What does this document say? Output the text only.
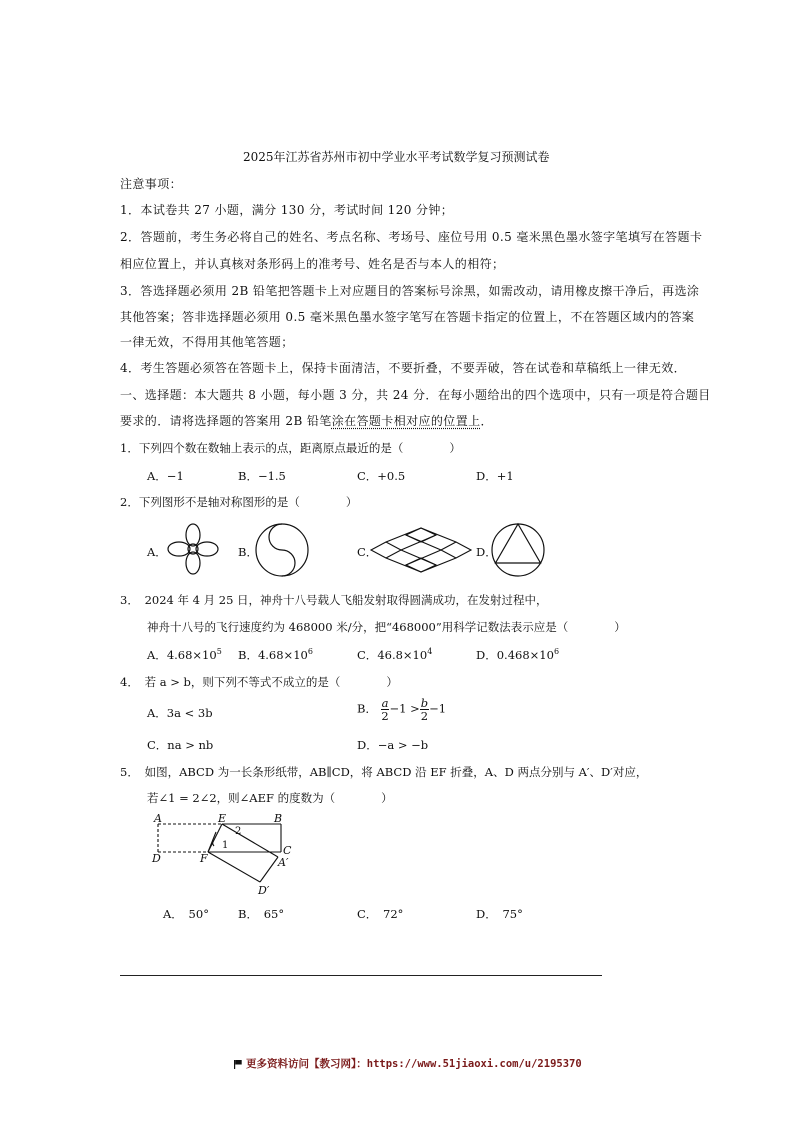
2025年江苏省苏州市初中学业水平考试数学复习预测试卷
注意事项：
1．本试卷共 27 小题，满分 130 分，考试时间 120 分钟；
2．答题前，考生务必将自己的姓名、考点名称、考场号、座位号用 0.5 毫米黑色墨水签字笔填写在答题卡
相应位置上，并认真核对条形码上的准考号、姓名是否与本人的相符；
3．答选择题必须用 2B 铅笔把答题卡上对应题目的答案标号涂黑，如需改动，请用橡皮擦干净后，再选涂
其他答案；答非选择题必须用 0.5 毫米黑色墨水签字笔写在答题卡指定的位置上，不在答题区域内的答案
一律无效，不得用其他笔答题；
4．考生答题必须答在答题卡上，保持卡面清洁，不要折叠，不要弄破，答在试卷和草稿纸上一律无效．
一、选择题：本大题共 8 小题，每小题 3 分，共 24 分．在每小题给出的四个选项中，只有一项是符合题目
要求的．请将选择题的答案用 2B 铅笔涂在答题卡相对应的位置上．
1．下列四个数在数轴上表示的点，距离原点最近的是（　　　　）
A．−1	B．−1.5	C．+0.5	D．+1
2．下列图形不是轴对称图形的是（　　　　）
A．	B．	C．	D．
3．　2024 年 4 月 25 日，神舟十八号载人飞船发射取得圆满成功，在发射过程中，
神舟十八号的飞行速度约为 468000 米/分，把“468000”用科学记数法表示应是（　　　　）
A．$4.68\times 10^5$ B．$4.68\times 10^6$	C．$46.8\times 10^4$	D．$0.468\times 10^6$
4．　若 a > b，则下列不等式不成立的是（　　　　）
A．3a < 3b	B． $\frac{a}{2} -1 > \frac{b}{2} -1$
C．na > nb	D．−a > −b
5．　如图，ABCD 为一长条形纸带，AB∥CD，将 ABCD 沿 EF 折叠，A、D 两点分别与 A′、D′对应，
若∠1 = 2∠2，则∠AEF 的度数为（　　　　）
A	E	B
D	F
C
A′
D′
1
2
A．　50°	B．　65°	C．　72°	D．　75°
更多资料访问【教习网】：https://www.51jiaoxi.com/u/2195370
